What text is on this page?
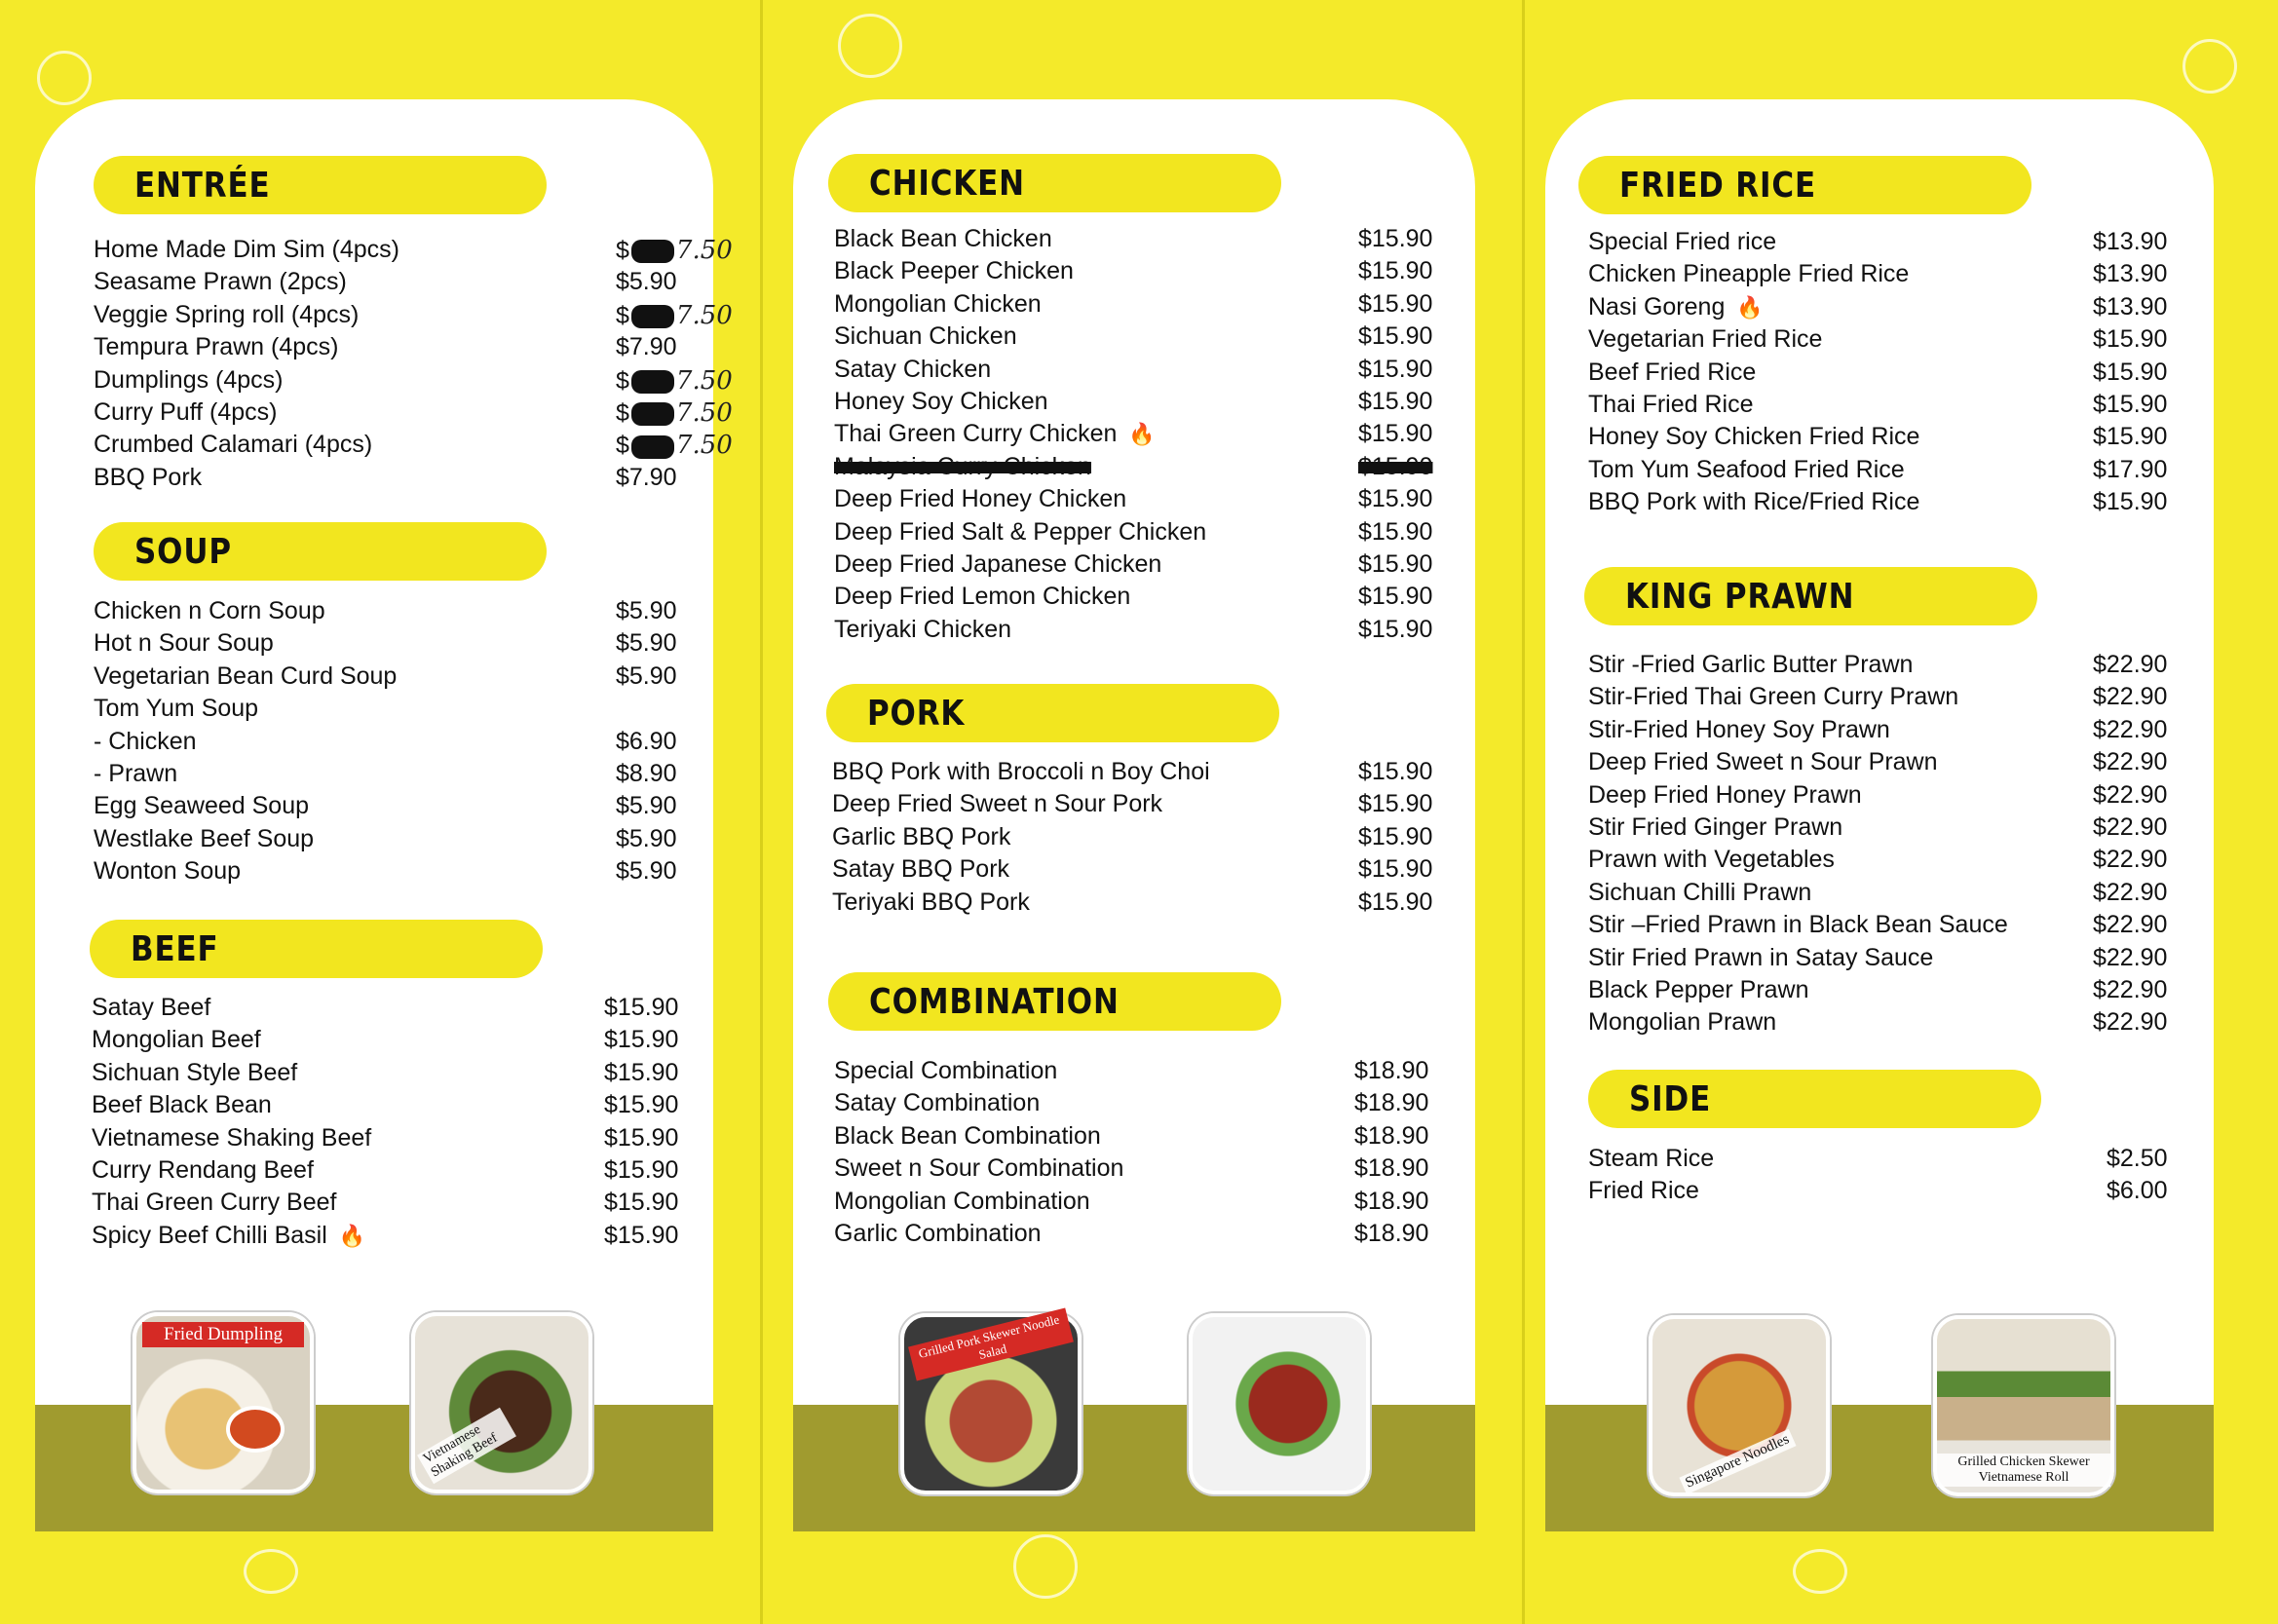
ENTRÉE
Home Made Dim Sim (4pcs)	$ 7.50
Seasame Prawn (2pcs)	$5.90
Veggie Spring roll (4pcs)	$ 7.50
Tempura Prawn (4pcs)	$7.90
Dumplings (4pcs)	$ 7.50
Curry Puff (4pcs)	$ 7.50
Crumbed Calamari (4pcs)	$ 7.50
BBQ Pork	$7.90
SOUP
Chicken n Corn Soup	$5.90
Hot n Sour Soup	$5.90
Vegetarian Bean Curd Soup	$5.90
Tom Yum Soup
- Chicken	$6.90
- Prawn	$8.90
Egg Seaweed Soup	$5.90
Westlake Beef Soup	$5.90
Wonton Soup	$5.90
BEEF
Satay Beef	$15.90
Mongolian Beef	$15.90
Sichuan Style Beef	$15.90
Beef Black Bean	$15.90
Vietnamese Shaking Beef	$15.90
Curry Rendang Beef	$15.90
Thai Green Curry Beef	$15.90
Spicy Beef Chilli Basil 🔥	$15.90
Fried Dumpling
Vietnamese Shaking Beef
CHICKEN
Black Bean Chicken	$15.90
Black Peeper Chicken	$15.90
Mongolian Chicken	$15.90
Sichuan Chicken	$15.90
Satay Chicken	$15.90
Honey Soy Chicken	$15.90
Thai Green Curry Chicken 🔥	$15.90
Malaysia Curry Chicken	$15.90
Deep Fried Honey Chicken	$15.90
Deep Fried Salt & Pepper Chicken	$15.90
Deep Fried Japanese Chicken	$15.90
Deep Fried Lemon Chicken	$15.90
Teriyaki Chicken	$15.90
PORK
BBQ Pork with Broccoli n Boy Choi	$15.90
Deep Fried Sweet n Sour Pork	$15.90
Garlic BBQ Pork	$15.90
Satay BBQ Pork	$15.90
Teriyaki BBQ Pork	$15.90
COMBINATION
Special Combination	$18.90
Satay Combination	$18.90
Black Bean Combination	$18.90
Sweet n Sour Combination	$18.90
Mongolian Combination	$18.90
Garlic Combination	$18.90
Grilled Pork Skewer Noodle Salad
FRIED RICE
Special Fried rice	$13.90
Chicken Pineapple Fried Rice	$13.90
Nasi Goreng 🔥	$13.90
Vegetarian Fried Rice	$15.90
Beef Fried Rice	$15.90
Thai Fried Rice	$15.90
Honey Soy Chicken Fried Rice	$15.90
Tom Yum Seafood Fried Rice	$17.90
BBQ Pork with Rice/Fried Rice	$15.90
KING PRAWN
Stir -Fried Garlic Butter Prawn	$22.90
Stir-Fried Thai Green Curry Prawn	$22.90
Stir-Fried Honey Soy Prawn	$22.90
Deep Fried Sweet n Sour Prawn	$22.90
Deep Fried Honey Prawn	$22.90
Stir Fried Ginger Prawn	$22.90
Prawn with Vegetables	$22.90
Sichuan Chilli Prawn	$22.90
Stir –Fried Prawn in Black Bean Sauce	$22.90
Stir Fried Prawn in Satay Sauce	$22.90
Black Pepper Prawn	$22.90
Mongolian Prawn	$22.90
SIDE
Steam Rice	$2.50
Fried Rice	$6.00
Singapore Noodles	Grilled Chicken Skewer Vietnamese Roll
